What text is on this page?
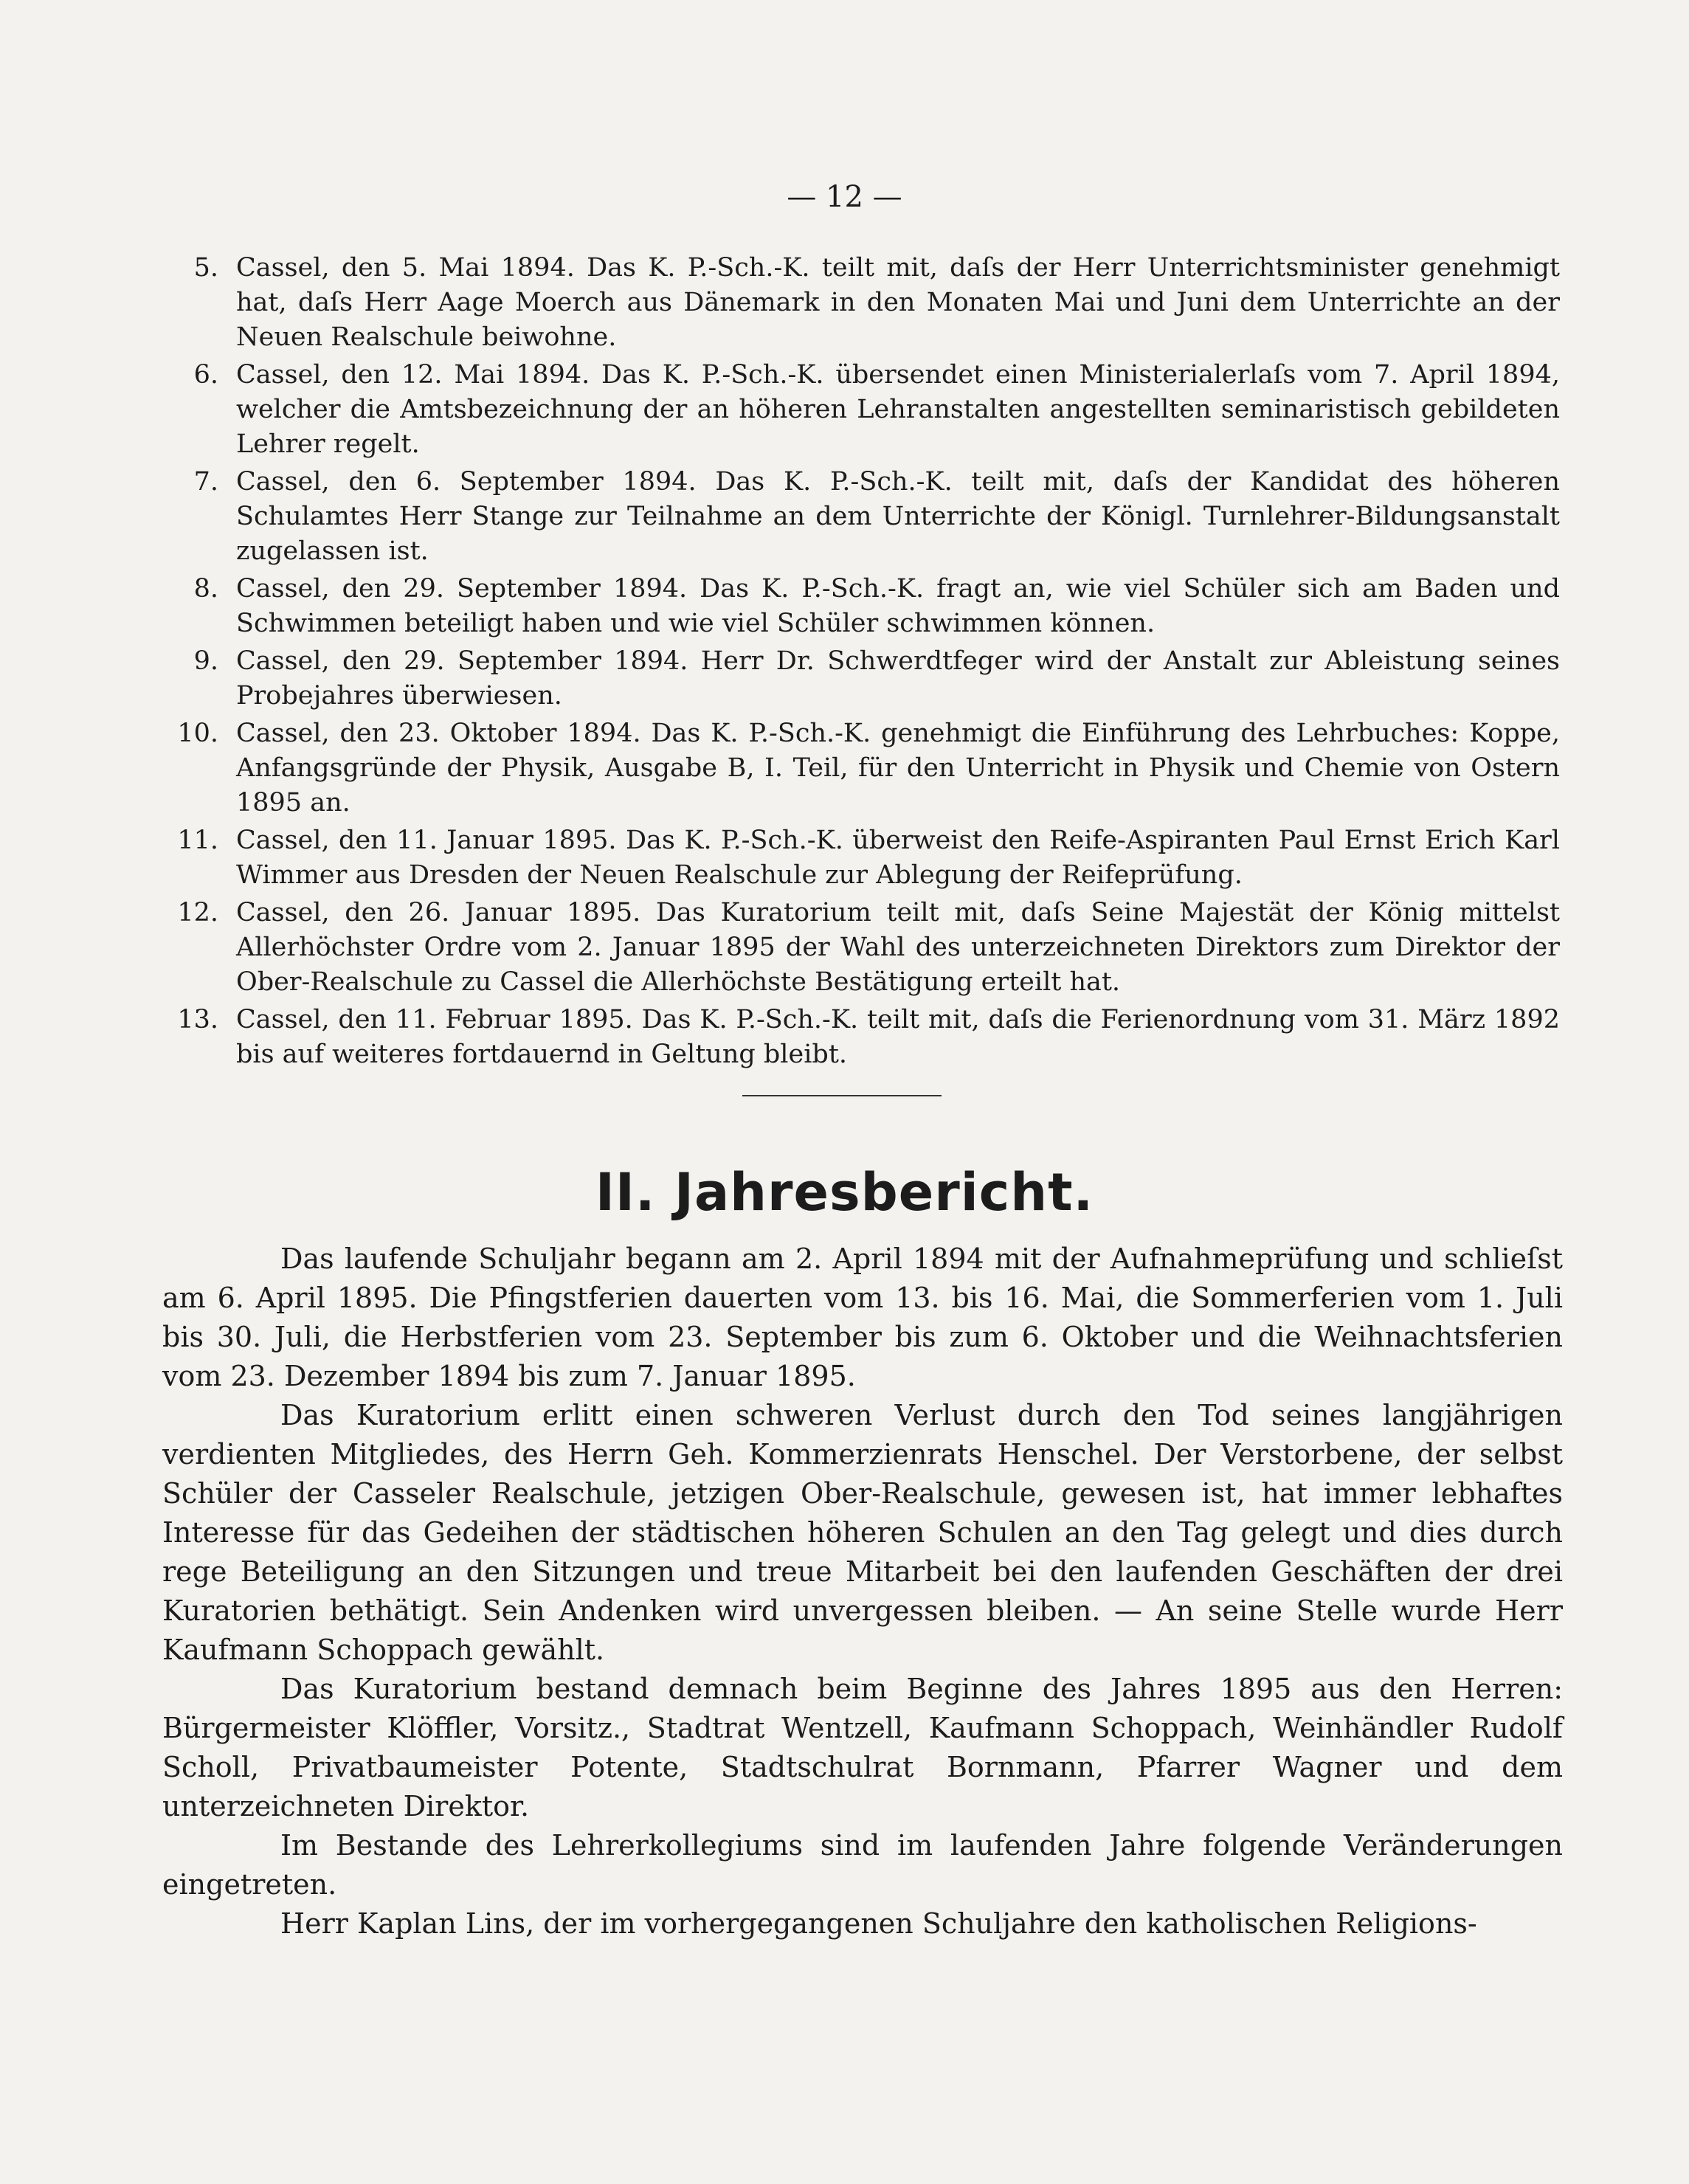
— 12 —
5. Cassel, den 5. Mai 1894. Das K. P.-Sch.-K. teilt mit, daſs der Herr Unterrichtsminister genehmigt hat, daſs Herr Aage Moerch aus Dänemark in den Monaten Mai und Juni dem Unterrichte an der Neuen Realschule beiwohne.
6. Cassel, den 12. Mai 1894. Das K. P.-Sch.-K. übersendet einen Ministerialerlaſs vom 7. April 1894, welcher die Amtsbezeichnung der an höheren Lehranstalten angestellten seminaristisch gebildeten Lehrer regelt.
7. Cassel, den 6. September 1894. Das K. P.-Sch.-K. teilt mit, daſs der Kandidat des höheren Schulamtes Herr Stange zur Teilnahme an dem Unterrichte der Königl. Turnlehrer-Bildungsanstalt zugelassen ist.
8. Cassel, den 29. September 1894. Das K. P.-Sch.-K. fragt an, wie viel Schüler sich am Baden und Schwimmen beteiligt haben und wie viel Schüler schwimmen können.
9. Cassel, den 29. September 1894. Herr Dr. Schwerdtfeger wird der Anstalt zur Ableistung seines Probejahres überwiesen.
10. Cassel, den 23. Oktober 1894. Das K. P.-Sch.-K. genehmigt die Einführung des Lehrbuches: Koppe, Anfangsgründe der Physik, Ausgabe B, I. Teil, für den Unterricht in Physik und Chemie von Ostern 1895 an.
11. Cassel, den 11. Januar 1895. Das K. P.-Sch.-K. überweist den Reife-Aspiranten Paul Ernst Erich Karl Wimmer aus Dresden der Neuen Realschule zur Ablegung der Reifeprüfung.
12. Cassel, den 26. Januar 1895. Das Kuratorium teilt mit, daſs Seine Majestät der König mittelst Allerhöchster Ordre vom 2. Januar 1895 der Wahl des unterzeichneten Direktors zum Direktor der Ober-Realschule zu Cassel die Allerhöchste Bestätigung erteilt hat.
13. Cassel, den 11. Februar 1895. Das K. P.-Sch.-K. teilt mit, daſs die Ferienordnung vom 31. März 1892 bis auf weiteres fortdauernd in Geltung bleibt.
II. Jahresbericht.

Das laufende Schuljahr begann am 2. April 1894 mit der Aufnahmeprüfung und schlieſst am 6. April 1895. Die Pfingstferien dauerten vom 13. bis 16. Mai, die Sommerferien vom 1. Juli bis 30. Juli, die Herbstferien vom 23. September bis zum 6. Oktober und die Weihnachtsferien vom 23. Dezember 1894 bis zum 7. Januar 1895.

Das Kuratorium erlitt einen schweren Verlust durch den Tod seines langjährigen verdienten Mitgliedes, des Herrn Geh. Kommerzienrats Henschel. Der Verstorbene, der selbst Schüler der Casseler Realschule, jetzigen Ober-Realschule, gewesen ist, hat immer lebhaftes Interesse für das Gedeihen der städtischen höheren Schulen an den Tag gelegt und dies durch rege Beteiligung an den Sitzungen und treue Mitarbeit bei den laufenden Geschäften der drei Kuratorien bethätigt. Sein Andenken wird unvergessen bleiben. — An seine Stelle wurde Herr Kaufmann Schoppach gewählt.

Das Kuratorium bestand demnach beim Beginne des Jahres 1895 aus den Herren: Bürgermeister Klöffler, Vorsitz., Stadtrat Wentzell, Kaufmann Schoppach, Weinhändler Rudolf Scholl, Privatbaumeister Potente, Stadtschulrat Bornmann, Pfarrer Wagner und dem unterzeichneten Direktor.

Im Bestande des Lehrerkollegiums sind im laufenden Jahre folgende Veränderungen eingetreten.

Herr Kaplan Lins, der im vorhergegangenen Schuljahre den katholischen Religions-
